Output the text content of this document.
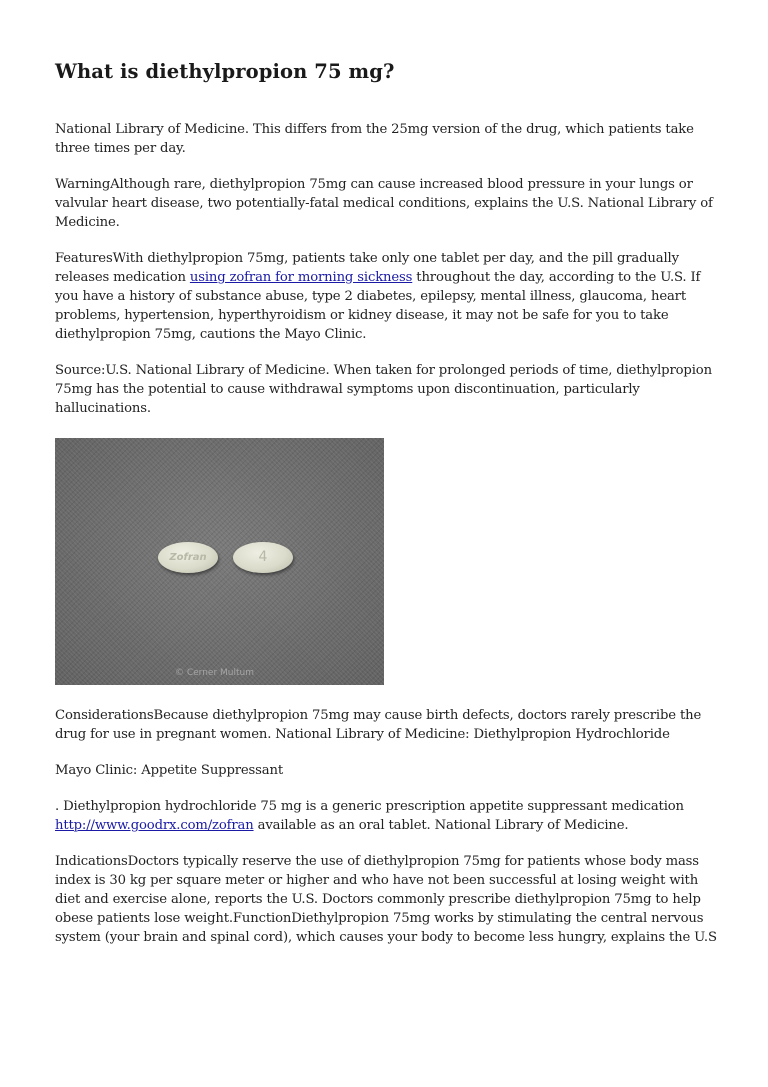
What is diethylpropion 75 mg?

National Library of Medicine. This differs from the 25mg version of the drug, which patients take
three times per day.

WarningAlthough rare, diethylpropion 75mg can cause increased blood pressure in your lungs or
valvular heart disease, two potentially-fatal medical conditions, explains the U.S. National Library of
Medicine.

FeaturesWith diethylpropion 75mg, patients take only one tablet per day, and the pill gradually
releases medication using zofran for morning sickness throughout the day, according to the U.S. If
you have a history of substance abuse, type 2 diabetes, epilepsy, mental illness, glaucoma, heart
problems, hypertension, hyperthyroidism or kidney disease, it may not be safe for you to take
diethylpropion 75mg, cautions the Mayo Clinic.

Source:U.S. National Library of Medicine. When taken for prolonged periods of time, diethylpropion
75mg has the potential to cause withdrawal symptoms upon discontinuation, particularly
hallucinations.

Zofran	4
© Cerner Multum

ConsiderationsBecause diethylpropion 75mg may cause birth defects, doctors rarely prescribe the
drug for use in pregnant women. National Library of Medicine: Diethylpropion Hydrochloride

Mayo Clinic: Appetite Suppressant

. Diethylpropion hydrochloride 75 mg is a generic prescription appetite suppressant medication
http://www.goodrx.com/zofran available as an oral tablet. National Library of Medicine.

IndicationsDoctors typically reserve the use of diethylpropion 75mg for patients whose body mass
index is 30 kg per square meter or higher and who have not been successful at losing weight with
diet and exercise alone, reports the U.S. Doctors commonly prescribe diethylpropion 75mg to help
obese patients lose weight.FunctionDiethylpropion 75mg works by stimulating the central nervous
system (your brain and spinal cord), which causes your body to become less hungry, explains the U.S
